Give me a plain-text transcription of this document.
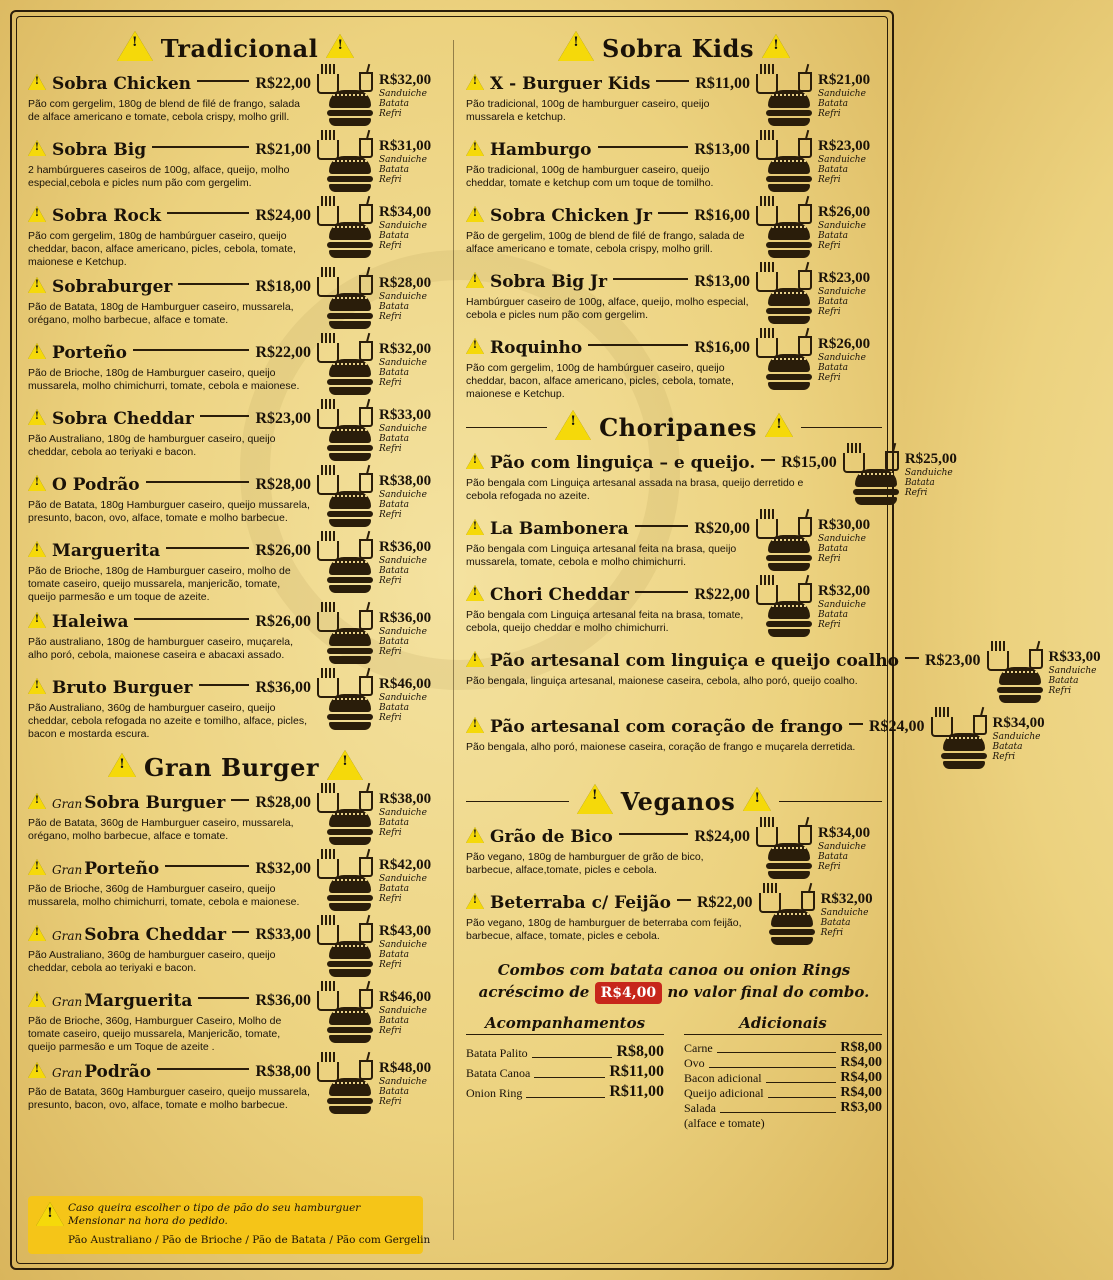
!
Tradicional
!
!
Sobra Chicken	R$22,00
Pão com gergelim, 180g de blend de filé de frango, salada de alface americano e tomate, cebola crispy, molho grill.
R$32,00
Sanduiche
Batata
Refri
!
Sobra Big	R$21,00
2 hambúrgueres caseiros de 100g, alface, queijo, molho especial,cebola e picles num pão com gergelim.
R$31,00
Sanduiche
Batata
Refri
!
Sobra Rock	R$24,00
Pão com gergelim, 180g de hambúrguer caseiro, queijo cheddar, bacon, alface americano, picles, cebola, tomate, maionese e Ketchup.
R$34,00
Sanduiche
Batata
Refri
!
Sobraburger	R$18,00
Pão de Batata, 180g de Hamburguer caseiro, mussarela, orégano, molho barbecue, alface e tomate.
R$28,00
Sanduiche
Batata
Refri
!
Porteño	R$22,00
Pão de Brioche, 180g de Hamburguer caseiro, queijo mussarela, molho chimichurri, tomate, cebola e maionese.
R$32,00
Sanduiche
Batata
Refri
!
Sobra Cheddar	R$23,00
Pão Australiano, 180g de hamburguer caseiro, queijo cheddar, cebola ao teriyaki e bacon.
R$33,00
Sanduiche
Batata
Refri
!
O Podrão	R$28,00
Pão de Batata, 180g Hamburguer caseiro, queijo mussarela, presunto, bacon, ovo, alface, tomate e molho barbecue.
R$38,00
Sanduiche
Batata
Refri
!
Marguerita	R$26,00
Pão de Brioche, 180g de Hamburguer caseiro, molho de tomate caseiro, queijo mussarela, manjericão, tomate, queijo parmesão e um toque de azeite.
R$36,00
Sanduiche
Batata
Refri
!
Haleiwa	R$26,00
Pão australiano, 180g de hamburguer caseiro, muçarela, alho poró, cebola, maionese caseira e abacaxi assado.
R$36,00
Sanduiche
Batata
Refri
!
Bruto Burguer	R$36,00
Pão Australiano, 360g de hamburguer caseiro, queijo cheddar, cebola refogada no azeite e tomilho, alface, picles, bacon e mostarda escura.
R$46,00
Sanduiche
Batata
Refri
!
Gran Burger
!
!
Gran Sobra Burguer R$28,00
Pão de Batata, 360g de Hamburguer caseiro, mussarela, orégano, molho barbecue, alface e tomate.
R$38,00
Sanduiche
Batata
Refri
!
Gran Porteño	R$32,00
Pão de Brioche, 360g de Hamburguer caseiro, queijo mussarela, molho chimichurri, tomate, cebola e maionese.
R$42,00
Sanduiche
Batata
Refri
!
Gran Sobra Cheddar R$33,00
Pão Australiano, 360g de hamburguer caseiro, queijo cheddar, cebola ao teriyaki e bacon.
R$43,00
Sanduiche
Batata
Refri
!
Gran Marguerita	R$36,00
Pão de Brioche, 360g, Hamburguer Caseiro, Molho de tomate caseiro, queijo mussarela, Manjericão, tomate, queijo parmesão e um Toque de azeite .
R$46,00
Sanduiche
Batata
Refri
!
Gran Podrão	R$38,00
Pão de Batata, 360g Hamburguer caseiro, queijo mussarela, presunto, bacon, ovo, alface, tomate e molho barbecue.
R$48,00
Sanduiche
Batata
Refri
!
Caso queira escolher o tipo de pão do seu hamburguer Mensionar na hora do pedido.
Pão Australiano / Pão de Brioche / Pão de Batata / Pão com Gergelin
!
Sobra Kids
!
!
X - Burguer Kids	R$11,00
Pão tradicional, 100g de hamburguer caseiro, queijo mussarela e ketchup.
R$21,00
Sanduiche
Batata
Refri
!
Hamburgo	R$13,00
Pão tradicional, 100g de hamburguer caseiro, queijo cheddar, tomate e ketchup com um toque de tomilho.
R$23,00
Sanduiche
Batata
Refri
!
Sobra Chicken Jr	R$16,00
Pão de gergelim, 100g de blend de filé de frango, salada de alface americano e tomate, cebola crispy, molho grill.
R$26,00
Sanduiche
Batata
Refri
!
Sobra Big Jr	R$13,00
Hambúrguer caseiro de 100g, alface, queijo, molho especial, cebola e picles num pão com gergelim.
R$23,00
Sanduiche
Batata
Refri
!
Roquinho	R$16,00
Pão com gergelim, 100g de hambúrguer caseiro, queijo cheddar, bacon, alface americano, picles, cebola, tomate, maionese e Ketchup.
R$26,00
Sanduiche
Batata
Refri
!
Choripanes
!
!
Pão com linguiça – e queijo. R$15,00
Pão bengala com Linguiça artesanal assada na brasa, queijo derretido e cebola refogada no azeite.
R$25,00
Sanduiche
Batata
Refri
!
La Bambonera	R$20,00
Pão bengala com Linguiça artesanal feita na brasa, queijo mussarela, tomate, cebola e molho chimichurri.
R$30,00
Sanduiche
Batata
Refri
!
Chori Cheddar	R$22,00
Pão bengala com Linguiça artesanal feita na brasa, tomate, cebola, queijo cheddar e molho chimichurri.
R$32,00
Sanduiche
Batata
Refri
!
Pão artesanal com linguiça e queijo coalho R$23,00
Pão bengala, linguiça artesanal, maionese caseira, cebola, alho poró, queijo coalho.
R$33,00
Sanduiche
Batata
Refri
!
Pão artesanal com coração de frango R$24,00
Pão bengala, alho poró, maionese caseira, coração de frango e muçarela derretida.
R$34,00
Sanduiche
Batata
Refri
!
Veganos
!
!
Grão de Bico	R$24,00
Pão vegano, 180g de hamburguer de grão de bico, barbecue, alface,tomate, picles e cebola.
R$34,00
Sanduiche
Batata
Refri
!
Beterraba c/ Feijão R$22,00
Pão vegano, 180g de hamburguer de beterraba com feijão, barbecue, alface, tomate, picles e cebola.
R$32,00
Sanduiche
Batata
Refri
Combos com batata canoa ou onion Rings
acréscimo de R$4,00 no valor final do combo.
Acompanhamentos
Batata Palito	R$8,00
Batata Canoa	R$11,00
Onion Ring	R$11,00
Adicionais
Carne	R$8,00
Ovo	R$4,00
Bacon adicional	R$4,00
Queijo adicional	R$4,00
Salada	R$3,00
(alface e tomate)
